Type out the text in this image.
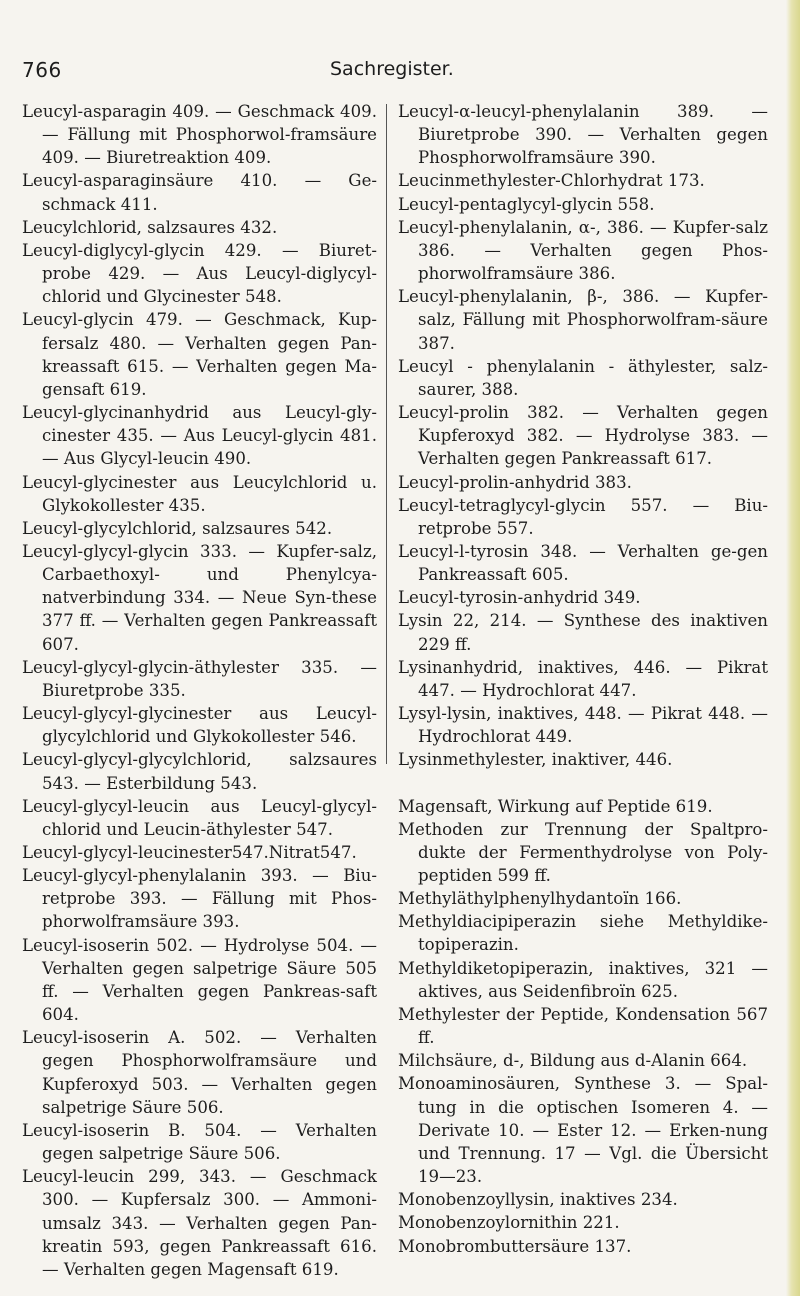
766	Sachregister.

Leucyl-asparagin 409. — Geschmack 409. — Fällung mit Phosphorwol-framsäure 409. — Biuretreaktion 409.

Leucyl-asparaginsäure 410. — Ge-schmack 411.

Leucylchlorid, salzsaures 432.

Leucyl-diglycyl-glycin 429. — Biuret-probe 429. — Aus Leucyl-diglycyl-chlorid und Glycinester 548.

Leucyl-glycin 479. — Geschmack, Kup-fersalz 480. — Verhalten gegen Pan-kreassaft 615. — Verhalten gegen Ma-gensaft 619.

Leucyl-glycinanhydrid aus Leucyl-gly-cinester 435. — Aus Leucyl-glycin 481. — Aus Glycyl-leucin 490.

Leucyl-glycinester aus Leucylchlorid u. Glykokollester 435.

Leucyl-glycylchlorid, salzsaures 542.

Leucyl-glycyl-glycin 333. — Kupfer-salz, Carbaethoxyl- und Phenylcya-natverbindung 334. — Neue Syn-these 377 ff. — Verhalten gegen Pankreassaft 607.

Leucyl-glycyl-glycin-äthylester 335. — Biuretprobe 335.

Leucyl-glycyl-glycinester aus Leucyl-glycylchlorid und Glykokollester 546.

Leucyl-glycyl-glycylchlorid, salzsaures 543. — Esterbildung 543.

Leucyl-glycyl-leucin aus Leucyl-glycyl-chlorid und Leucin-äthylester 547.

Leucyl-glycyl-leucinester547.Nitrat547.

Leucyl-glycyl-phenylalanin 393. — Biu-retprobe 393. — Fällung mit Phos-phorwolframsäure 393.

Leucyl-isoserin 502. — Hydrolyse 504. — Verhalten gegen salpetrige Säure 505 ff. — Verhalten gegen Pankreas-saft 604.

Leucyl-isoserin A. 502. — Verhalten gegen Phosphorwolframsäure und Kupferoxyd 503. — Verhalten gegen salpetrige Säure 506.

Leucyl-isoserin B. 504. — Verhalten gegen salpetrige Säure 506.

Leucyl-leucin 299, 343. — Geschmack 300. — Kupfersalz 300. — Ammoni-umsalz 343. — Verhalten gegen Pan-kreatin 593, gegen Pankreassaft 616. — Verhalten gegen Magensaft 619.

Leucyl-α-leucyl-phenylalanin 389. — Biuretprobe 390. — Verhalten gegen Phosphorwolframsäure 390.

Leucinmethylester-Chlorhydrat 173.

Leucyl-pentaglycyl-glycin 558.

Leucyl-phenylalanin, α-, 386. — Kupfer-salz 386. — Verhalten gegen Phos-phorwolframsäure 386.

Leucyl-phenylalanin, β-, 386. — Kupfer-salz, Fällung mit Phosphorwolfram-säure 387.

Leucyl - phenylalanin - äthylester, salz-saurer, 388.

Leucyl-prolin 382. — Verhalten gegen Kupferoxyd 382. — Hydrolyse 383. — Verhalten gegen Pankreassaft 617.

Leucyl-prolin-anhydrid 383.

Leucyl-tetraglycyl-glycin 557. — Biu-retprobe 557.

Leucyl-l-tyrosin 348. — Verhalten ge-gen Pankreassaft 605.

Leucyl-tyrosin-anhydrid 349.

Lysin 22, 214. — Synthese des inaktiven 229 ff.

Lysinanhydrid, inaktives, 446. — Pikrat 447. — Hydrochlorat 447.

Lysyl-lysin, inaktives, 448. — Pikrat 448. — Hydrochlorat 449.

Lysinmethylester, inaktiver, 446.

Magensaft, Wirkung auf Peptide 619.

Methoden zur Trennung der Spaltpro-dukte der Fermenthydrolyse von Poly-peptiden 599 ff.

Methyläthylphenylhydantoïn 166.

Methyldiacipiperazin siehe Methyldike-topiperazin.

Methyldiketopiperazin, inaktives, 321 — aktives, aus Seidenfibroïn 625.

Methylester der Peptide, Kondensation 567 ff.

Milchsäure, d-, Bildung aus d-Alanin 664.

Monoaminosäuren, Synthese 3. — Spal-tung in die optischen Isomeren 4. — Derivate 10. — Ester 12. — Erken-nung und Trennung. 17 — Vgl. die Übersicht 19—23.

Monobenzoyllysin, inaktives 234.

Monobenzoylornithin 221.

Monobrombuttersäure 137.
